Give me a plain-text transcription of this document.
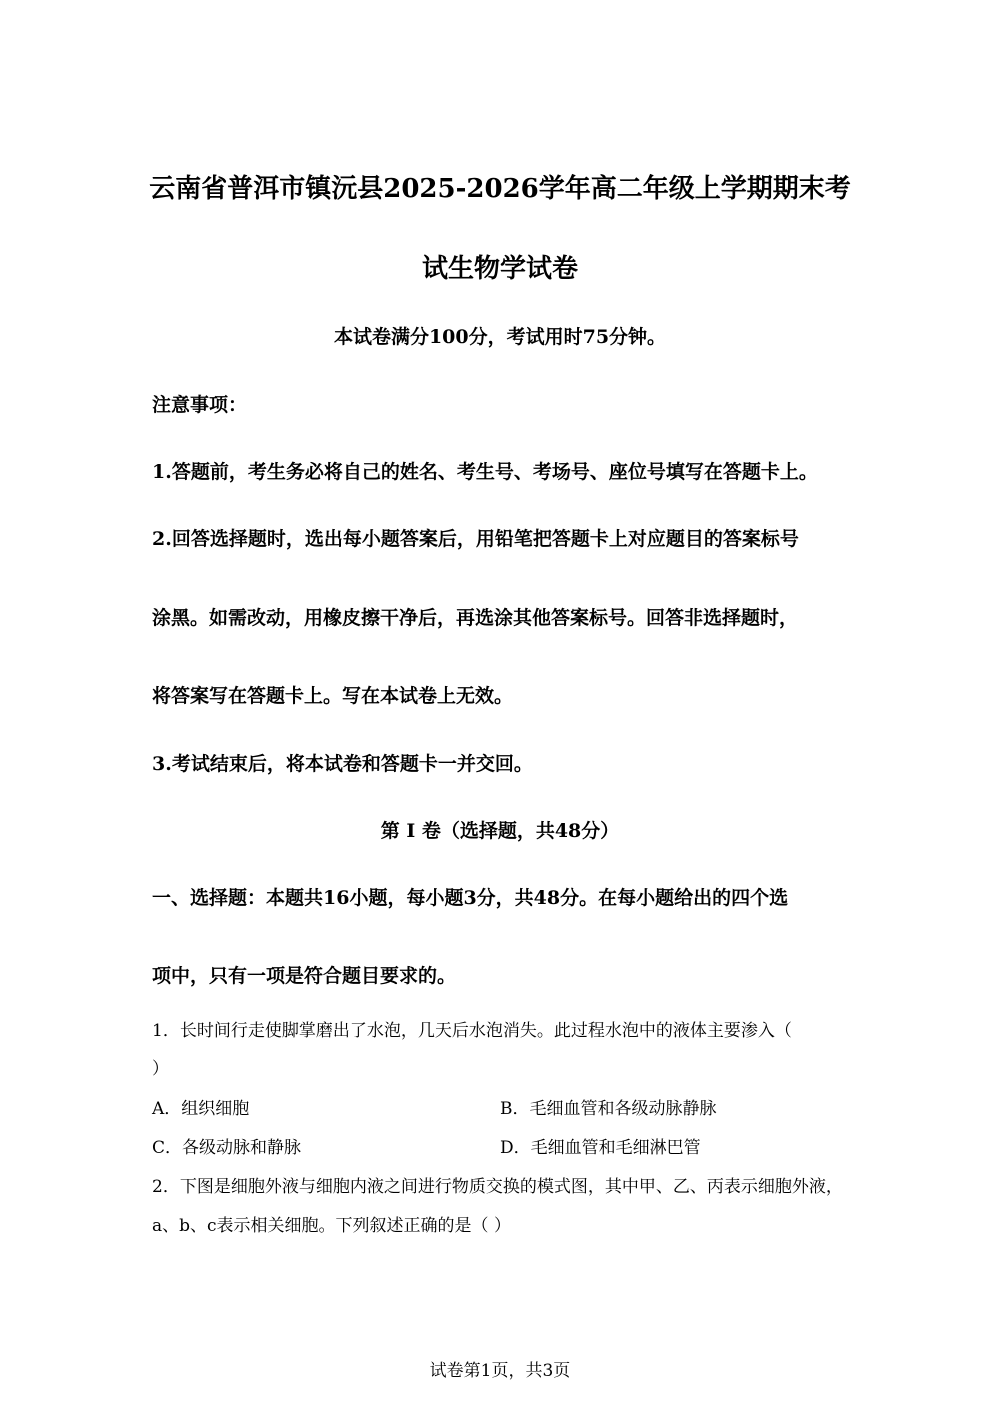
云南省普洱市镇沅县2025-2026学年高二年级上学期期末考
试生物学试卷
本试卷满分100分，考试用时75分钟。
注意事项：
1.答题前，考生务必将自己的姓名、考生号、考场号、座位号填写在答题卡上。
2.回答选择题时，选出每小题答案后，用铅笔把答题卡上对应题目的答案标号
涂黑。如需改动，用橡皮擦干净后，再选涂其他答案标号。回答非选择题时，
将答案写在答题卡上。写在本试卷上无效。
3.考试结束后，将本试卷和答题卡一并交回。
第 I 卷（选择题，共48分）
一、选择题：本题共16小题，每小题3分，共48分。在每小题给出的四个选
项中，只有一项是符合题目要求的。
1．长时间行走使脚掌磨出了水泡，几天后水泡消失。此过程水泡中的液体主要渗入（
）
A．组织细胞	B．毛细血管和各级动脉静脉
C．各级动脉和静脉	D．毛细血管和毛细淋巴管
2．下图是细胞外液与细胞内液之间进行物质交换的模式图，其中甲、乙、丙表示细胞外液，
a、b、c表示相关细胞。下列叙述正确的是（ ）
试卷第1页，共3页
